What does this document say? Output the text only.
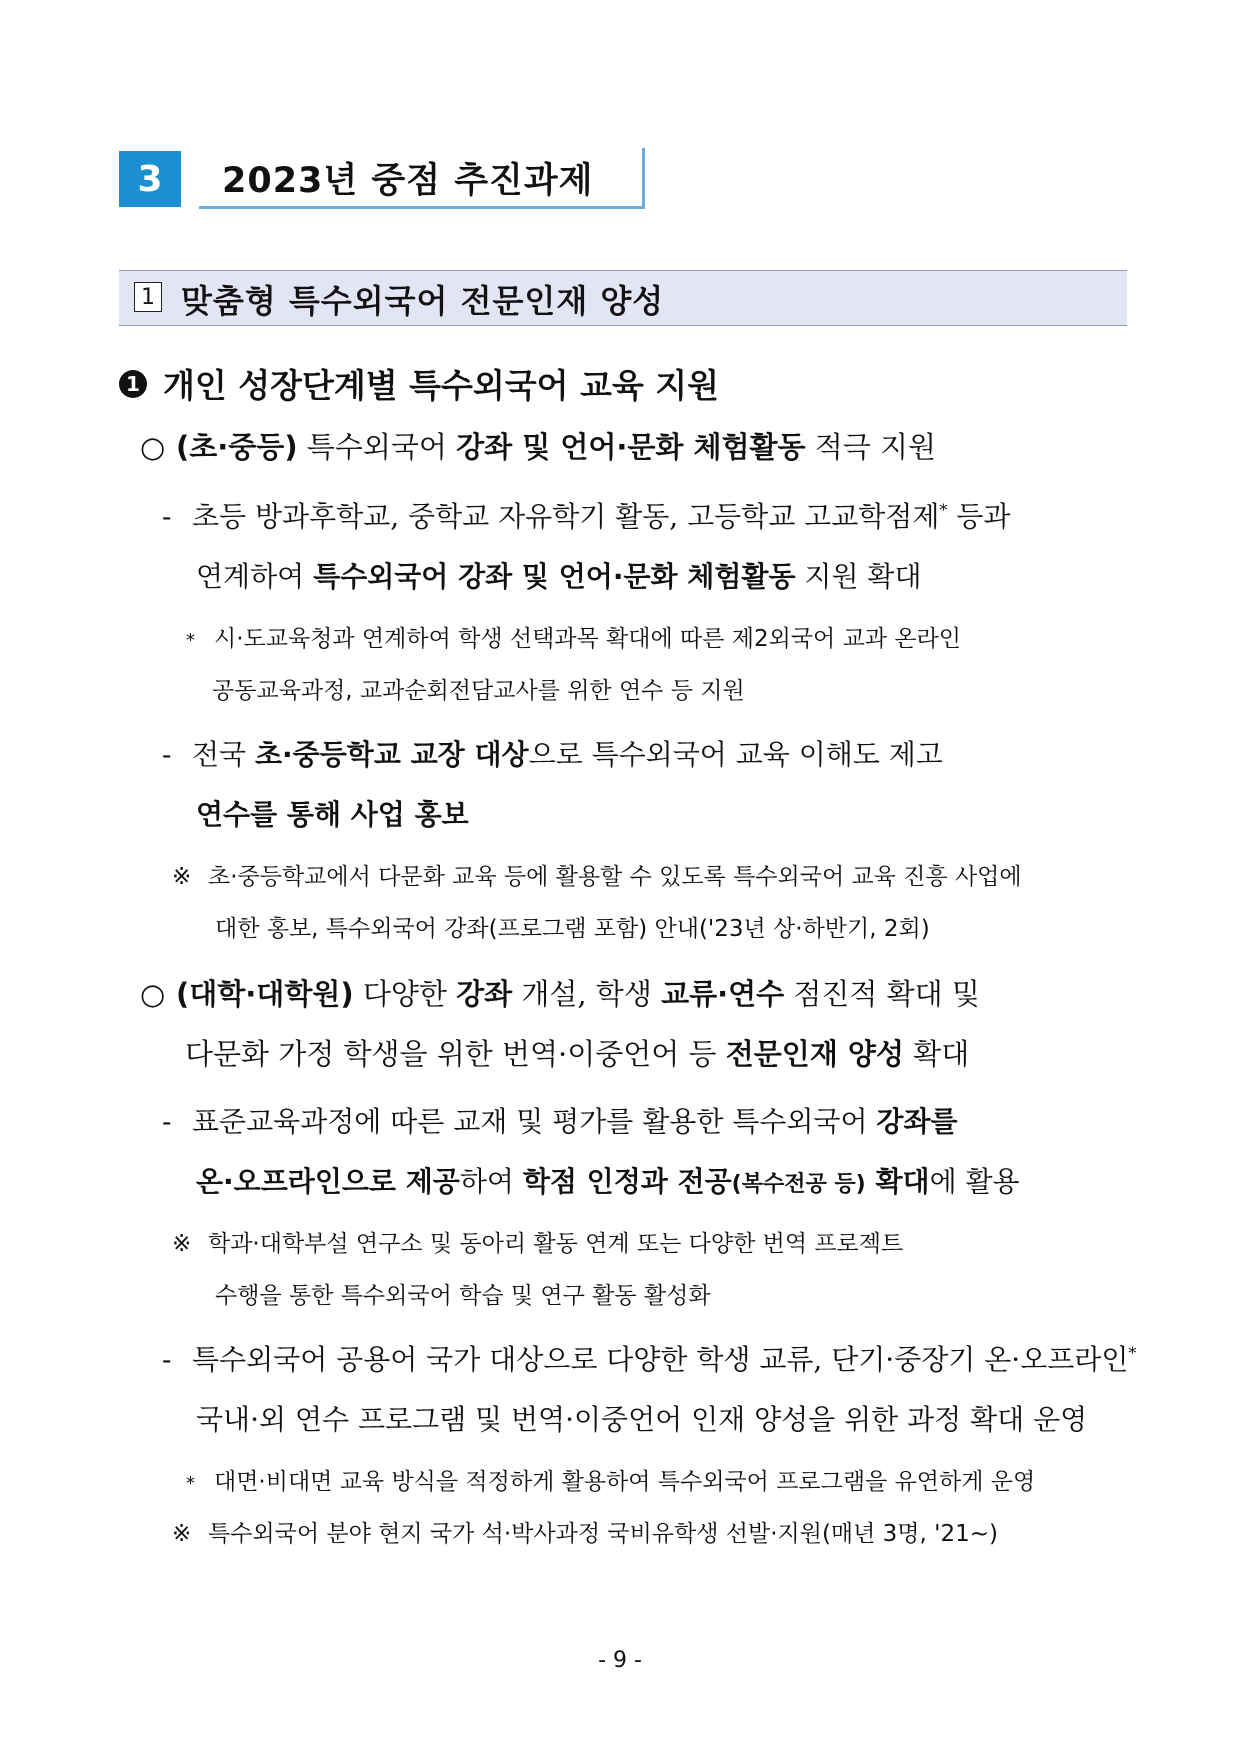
3	2023년 중점 추진과제
1 맞춤형 특수외국어 전문인재 양성
1 개인 성장단계별 특수외국어 교육 지원
○ (초·중등) 특수외국어 강좌 및 언어·문화 체험활동 적극 지원
- 초등 방과후학교, 중학교 자유학기 활동, 고등학교 고교학점제* 등과
연계하여 특수외국어 강좌 및 언어·문화 체험활동 지원 확대
* 시·도교육청과 연계하여 학생 선택과목 확대에 따른 제2외국어 교과 온라인
공동교육과정, 교과순회전담교사를 위한 연수 등 지원
- 전국 초·중등학교 교장 대상으로 특수외국어 교육 이해도 제고
연수를 통해 사업 홍보
※ 초·중등학교에서 다문화 교육 등에 활용할 수 있도록 특수외국어 교육 진흥 사업에
대한 홍보, 특수외국어 강좌(프로그램 포함) 안내('23년 상·하반기, 2회)
○ (대학·대학원) 다양한 강좌 개설, 학생 교류·연수 점진적 확대 및
다문화 가정 학생을 위한 번역·이중언어 등 전문인재 양성 확대
- 표준교육과정에 따른 교재 및 평가를 활용한 특수외국어 강좌를
온·오프라인으로 제공하여 학점 인정과 전공(복수전공 등) 확대에 활용
※ 학과·대학부설 연구소 및 동아리 활동 연계 또는 다양한 번역 프로젝트
수행을 통한 특수외국어 학습 및 연구 활동 활성화
- 특수외국어 공용어 국가 대상으로 다양한 학생 교류, 단기·중장기 온·오프라인*
국내·외 연수 프로그램 및 번역·이중언어 인재 양성을 위한 과정 확대 운영
* 대면·비대면 교육 방식을 적정하게 활용하여 특수외국어 프로그램을 유연하게 운영
※ 특수외국어 분야 현지 국가 석·박사과정 국비유학생 선발·지원(매년 3명, '21~)
- 9 -
